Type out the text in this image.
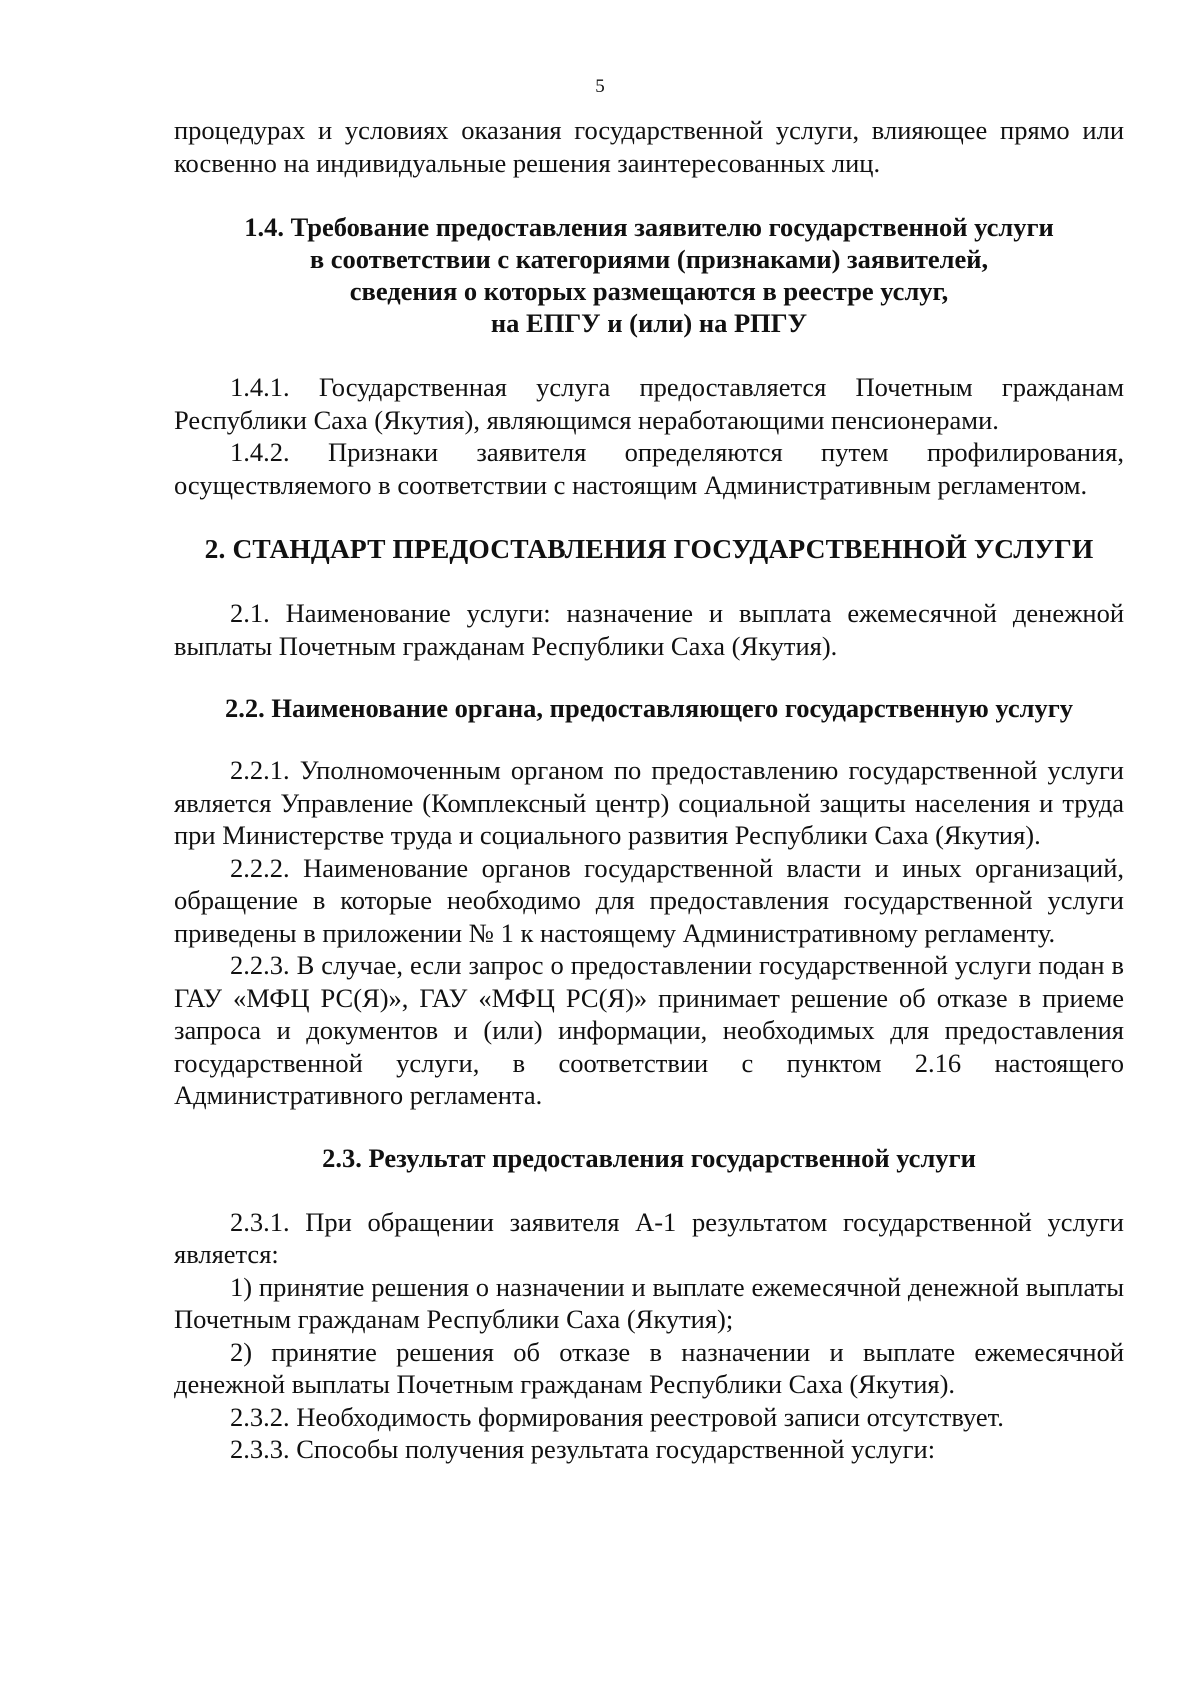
5

процедурах и условиях оказания государственной услуги, влияющее прямо или косвенно на индивидуальные решения заинтересованных лиц.

1.4. Требование предоставления заявителю государственной услуги

в соответствии с категориями (признаками) заявителей,

сведения о которых размещаются в реестре услуг,

на ЕПГУ и (или) на РПГУ

1.4.1. Государственная услуга предоставляется Почетным гражданам Республики Саха (Якутия), являющимся неработающими пенсионерами.

1.4.2. Признаки заявителя определяются путем профилирования, осуществляемого в соответствии с настоящим Административным регламентом.

2. СТАНДАРТ ПРЕДОСТАВЛЕНИЯ ГОСУДАРСТВЕННОЙ УСЛУГИ

2.1. Наименование услуги: назначение и выплата ежемесячной денежной выплаты Почетным гражданам Республики Саха (Якутия).

2.2. Наименование органа, предоставляющего государственную услугу

2.2.1. Уполномоченным органом по предоставлению государственной услуги является Управление (Комплексный центр) социальной защиты населения и труда при Министерстве труда и социального развития Республики Саха (Якутия).

2.2.2. Наименование органов государственной власти и иных организаций, обращение в которые необходимо для предоставления государственной услуги приведены в приложении № 1 к настоящему Административному регламенту.

2.2.3. В случае, если запрос о предоставлении государственной услуги подан в ГАУ «МФЦ РС(Я)», ГАУ «МФЦ РС(Я)» принимает решение об отказе в приеме запроса и документов и (или) информации, необходимых для предоставления государственной услуги, в соответствии с пунктом 2.16 настоящего Административного регламента.

2.3. Результат предоставления государственной услуги

2.3.1. При обращении заявителя А-1 результатом государственной услуги является:

1) принятие решения о назначении и выплате ежемесячной денежной выплаты Почетным гражданам Республики Саха (Якутия);

2) принятие решения об отказе в назначении и выплате ежемесячной денежной выплаты Почетным гражданам Республики Саха (Якутия).

2.3.2. Необходимость формирования реестровой записи отсутствует.

2.3.3. Способы получения результата государственной услуги:
